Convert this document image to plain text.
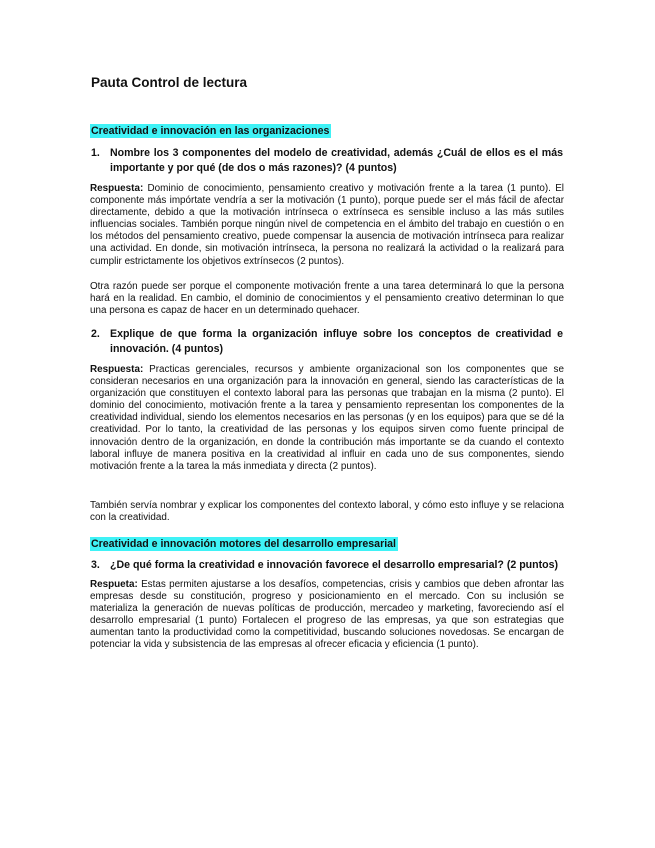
Pauta Control de lectura
Creatividad e innovación en las organizaciones
1. Nombre los 3 componentes del modelo de creatividad, además ¿Cuál de ellos es el más importante y por qué (de dos o más razones)? (4 puntos)
Respuesta: Dominio de conocimiento, pensamiento creativo y motivación frente a la tarea (1 punto). El componente más impórtate vendría a ser la motivación (1 punto), porque puede ser el más fácil de afectar directamente, debido a que la motivación intrínseca o extrínseca es sensible incluso a las más sutiles influencias sociales. También porque ningún nivel de competencia en el ámbito del trabajo en cuestión o en los métodos del pensamiento creativo, puede compensar la ausencia de motivación intrínseca para realizar una actividad. En donde, sin motivación intrínseca, la persona no realizará la actividad o la realizará para cumplir estrictamente los objetivos extrínsecos (2 puntos).
Otra razón puede ser porque el componente motivación frente a una tarea determinará lo que la persona hará en la realidad. En cambio, el dominio de conocimientos y el pensamiento creativo determinan lo que una persona es capaz de hacer en un determinado quehacer.
2. Explique de que forma la organización influye sobre los conceptos de creatividad e innovación. (4 puntos)
Respuesta: Practicas gerenciales, recursos y ambiente organizacional son los componentes que se consideran necesarios en una organización para la innovación en general, siendo las características de la organización que constituyen el contexto laboral para las personas que trabajan en la misma (2 punto). El dominio del conocimiento, motivación frente a la tarea y pensamiento representan los componentes de la creatividad individual, siendo los elementos necesarios en las personas (y en los equipos) para que se dé la creatividad. Por lo tanto, la creatividad de las personas y los equipos sirven como fuente principal de innovación dentro de la organización, en donde la contribución más importante se da cuando el contexto laboral influye de manera positiva en la creatividad al influir en cada uno de sus componentes, siendo motivación frente a la tarea la más inmediata y directa (2 puntos).
También servía nombrar y explicar los componentes del contexto laboral, y cómo esto influye y se relaciona con la creatividad.
Creatividad e innovación motores del desarrollo empresarial
3. ¿De qué forma la creatividad e innovación favorece el desarrollo empresarial? (2 puntos)
Respueta: Estas permiten ajustarse a los desafíos, competencias, crisis y cambios que deben afrontar las empresas desde su constitución, progreso y posicionamiento en el mercado. Con su inclusión se materializa la generación de nuevas políticas de producción, mercadeo y marketing, favoreciendo así el desarrollo empresarial (1 punto) Fortalecen el progreso de las empresas, ya que son estrategias que aumentan tanto la productividad como la competitividad, buscando soluciones novedosas. Se encargan de potenciar la vida y subsistencia de las empresas al ofrecer eficacia y eficiencia (1 punto).
